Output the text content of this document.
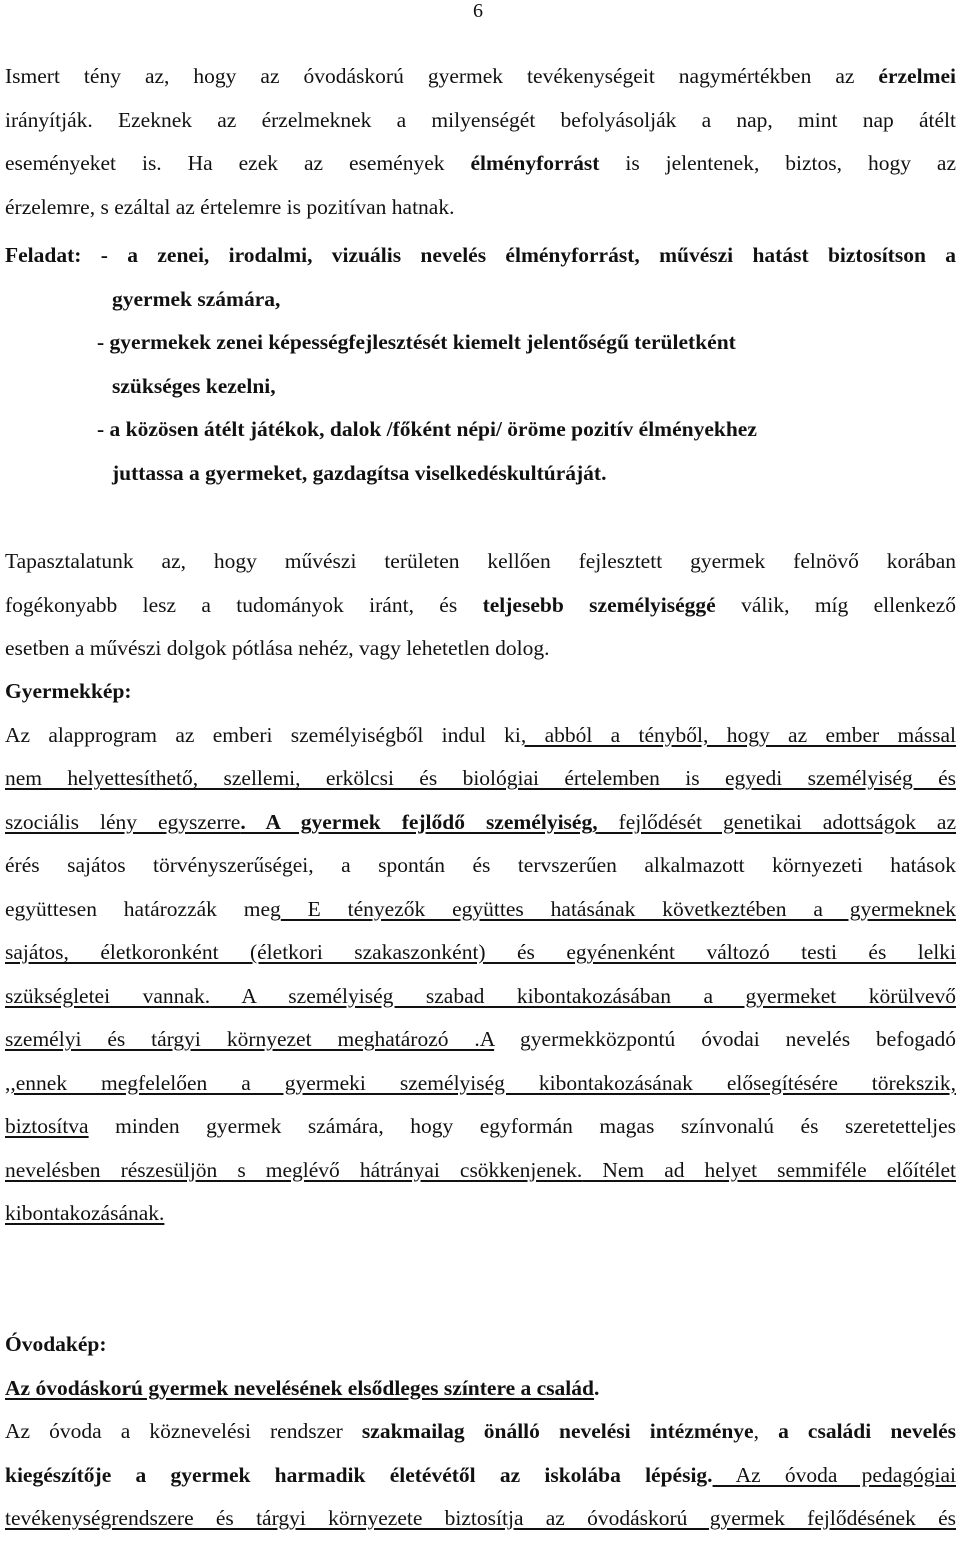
6
Ismert tény az, hogy az óvodáskorú gyermek tevékenységeit nagymértékben az érzelmei
irányítják. Ezeknek az érzelmeknek a milyenségét befolyásolják a nap, mint nap átélt
eseményeket is. Ha ezek az események élményforrást is jelentenek, biztos, hogy az
érzelemre, s ezáltal az értelemre is pozitívan hatnak.
Feladat: - a zenei, irodalmi, vizuális nevelés élményforrást, művészi hatást biztosítson a
gyermek számára,
- gyermekek zenei képességfejlesztését kiemelt jelentőségű területként
szükséges kezelni,
- a közösen átélt játékok, dalok /főként népi/ öröme pozitív élményekhez
juttassa a gyermeket, gazdagítsa viselkedéskultúráját.
Tapasztalatunk az, hogy művészi területen kellően fejlesztett gyermek felnövő korában
fogékonyabb lesz a tudományok iránt, és teljesebb személyiséggé válik, míg ellenkező
esetben a művészi dolgok pótlása nehéz, vagy lehetetlen dolog.
Gyermekkép:
Az alapprogram az emberi személyiségből indul ki, abból a tényből, hogy az ember mással
nem helyettesíthető, szellemi, erkölcsi és biológiai értelemben is egyedi személyiség és
szociális lény egyszerre. A gyermek fejlődő személyiség, fejlődését genetikai adottságok az
érés sajátos törvényszerűségei, a spontán és tervszerűen alkalmazott környezeti hatások
együttesen határozzák meg E tényezők együttes hatásának következtében a gyermeknek
sajátos, életkoronként (életkori szakaszonként) és egyénenként változó testi és lelki
szükségletei vannak. A személyiség szabad kibontakozásában a gyermeket körülvevő
személyi és tárgyi környezet meghatározó .A gyermekközpontú óvodai nevelés befogadó
,,ennek megfelelően a gyermeki személyiség kibontakozásának elősegítésére törekszik,
biztosítva minden gyermek számára, hogy egyformán magas színvonalú és szeretetteljes
nevelésben részesüljön s meglévő hátrányai csökkenjenek. Nem ad helyet semmiféle előítélet
kibontakozásának.
Óvodakép:
Az óvodáskorú gyermek nevelésének elsődleges színtere a család.
Az óvoda a köznevelési rendszer szakmailag önálló nevelési intézménye, a családi nevelés
kiegészítője a gyermek harmadik életévétől az iskolába lépésig. Az óvoda pedagógiai
tevékenységrendszere és tárgyi környezete biztosítja az óvodáskorú gyermek fejlődésének és
